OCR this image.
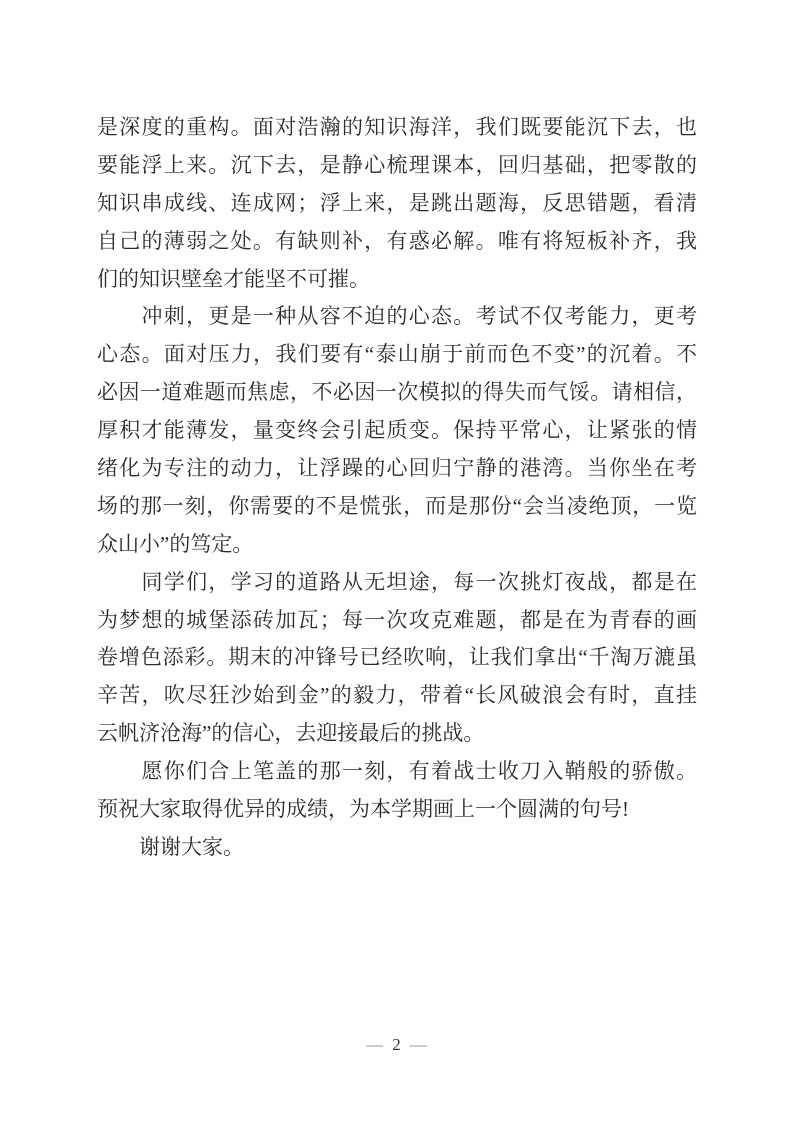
是深度的重构。面对浩瀚的知识海洋，我们既要能沉下去，也
要能浮上来。沉下去，是静心梳理课本，回归基础，把零散的
知识串成线、连成网；浮上来，是跳出题海，反思错题，看清
自己的薄弱之处。有缺则补，有惑必解。唯有将短板补齐，我
们的知识壁垒才能坚不可摧。
　　冲刺，更是一种从容不迫的心态。考试不仅考能力，更考
心态。面对压力，我们要有“泰山崩于前而色不变”的沉着。不
必因一道难题而焦虑，不必因一次模拟的得失而气馁。请相信，
厚积才能薄发，量变终会引起质变。保持平常心，让紧张的情
绪化为专注的动力，让浮躁的心回归宁静的港湾。当你坐在考
场的那一刻，你需要的不是慌张，而是那份“会当凌绝顶，一览
众山小”的笃定。
　　同学们，学习的道路从无坦途，每一次挑灯夜战，都是在
为梦想的城堡添砖加瓦；每一次攻克难题，都是在为青春的画
卷增色添彩。期末的冲锋号已经吹响，让我们拿出“千淘万漉虽
辛苦，吹尽狂沙始到金”的毅力，带着“长风破浪会有时，直挂
云帆济沧海”的信心，去迎接最后的挑战。
　　愿你们合上笔盖的那一刻，有着战士收刀入鞘般的骄傲。
预祝大家取得优异的成绩，为本学期画上一个圆满的句号!
　　谢谢大家。
— 2 —
